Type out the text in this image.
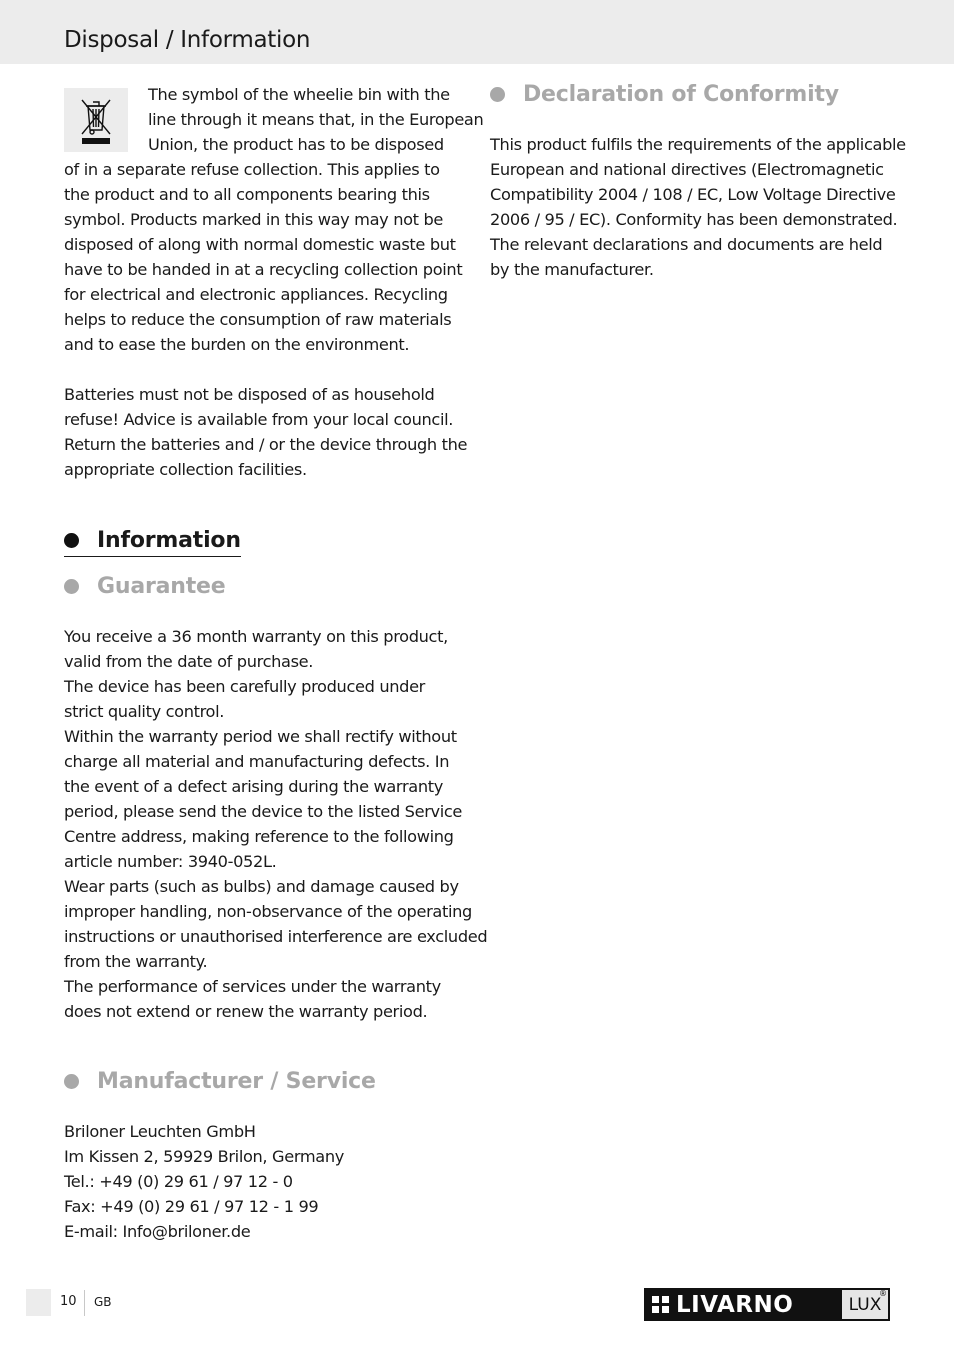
Disposal / Information

The symbol of the wheelie bin with the
line through it means that, in the European
Union, the product has to be disposed
of in a separate refuse collection. This applies to
the product and to all components bearing this
symbol. Products marked in this way may not be
disposed of along with normal domestic waste but
have to be handed in at a recycling collection point
for electrical and electronic appliances. Recycling
helps to reduce the consumption of raw materials
and to ease the burden on the environment.

Batteries must not be disposed of as household
refuse! Advice is available from your local council.
Return the batteries and / or the device through the
appropriate collection facilities.

Information
Guarantee

You receive a 36 month warranty on this product,
valid from the date of purchase.
The device has been carefully produced under
strict quality control.
Within the warranty period we shall rectify without
charge all material and manufacturing defects. In
the event of a defect arising during the warranty
period, please send the device to the listed Service
Centre address, making reference to the following
article number: 3940-052L.
Wear parts (such as bulbs) and damage caused by
improper handling, non-observance of the operating
instructions or unauthorised interference are excluded
from the warranty.
The performance of services under the warranty
does not extend or renew the warranty period.

Manufacturer / Service

Briloner Leuchten GmbH
Im Kissen 2, 59929 Brilon, Germany
Tel.: +49 (0) 29 61 / 97 12 - 0
Fax: +49 (0) 29 61 / 97 12 - 1 99
E-mail: Info@briloner.de

Declaration of Conformity

This product fulfils the requirements of the applicable
European and national directives (Electromagnetic
Compatibility 2004 / 108 / EC, Low Voltage Directive
2006 / 95 / EC). Conformity has been demonstrated.
The relevant declarations and documents are held
by the manufacturer.

10 GB	LIVARNO	LUX
®
